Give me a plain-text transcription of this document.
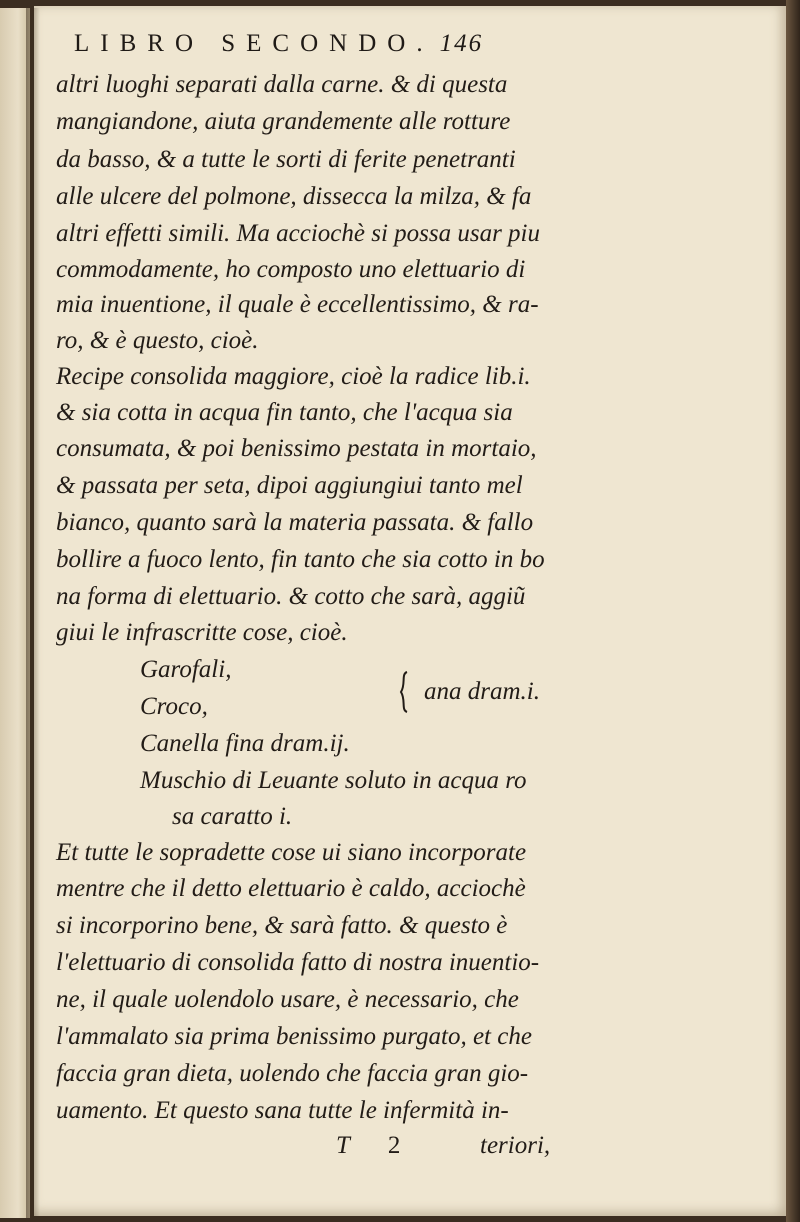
LIBRO SECONDO. 146
altri luoghi separati dalla carne. & di questa
mangiandone, aiuta grandemente alle rotture
da basso, & a tutte le sorti di ferite penetranti
alle ulcere del polmone, dissecca la milza, & fa
altri effetti simili. Ma acciochè si possa usar piu
commodamente, ho composto uno elettuario di
mia inuentione, il quale è eccellentissimo, & ra-
ro, & è questo, cioè.
Recipe consolida maggiore, cioè la radice lib.i.
& sia cotta in acqua fin tanto, che l'acqua sia
consumata, & poi benissimo pestata in mortaio,
& passata per seta, dipoi aggiungiui tanto mel
bianco, quanto sarà la materia passata. & fallo
bollire a fuoco lento, fin tanto che sia cotto in bo
na forma di elettuario. & cotto che sarà, aggiũ
giui le infrascritte cose, cioè.
Garofali,
Croco,
ana dram.i.
Canella fina dram.ij.
Muschio di Leuante soluto in acqua ro
sa caratto i.
Et tutte le sopradette cose ui siano incorporate
mentre che il detto elettuario è caldo, acciochè
si incorporino bene, & sarà fatto. & questo è
l'elettuario di consolida fatto di nostra inuentio-
ne, il quale uolendolo usare, è necessario, che
l'ammalato sia prima benissimo purgato, et che
faccia gran dieta, uolendo che faccia gran gio-
uamento. Et questo sana tutte le infermità in-
T 2	teriori,
